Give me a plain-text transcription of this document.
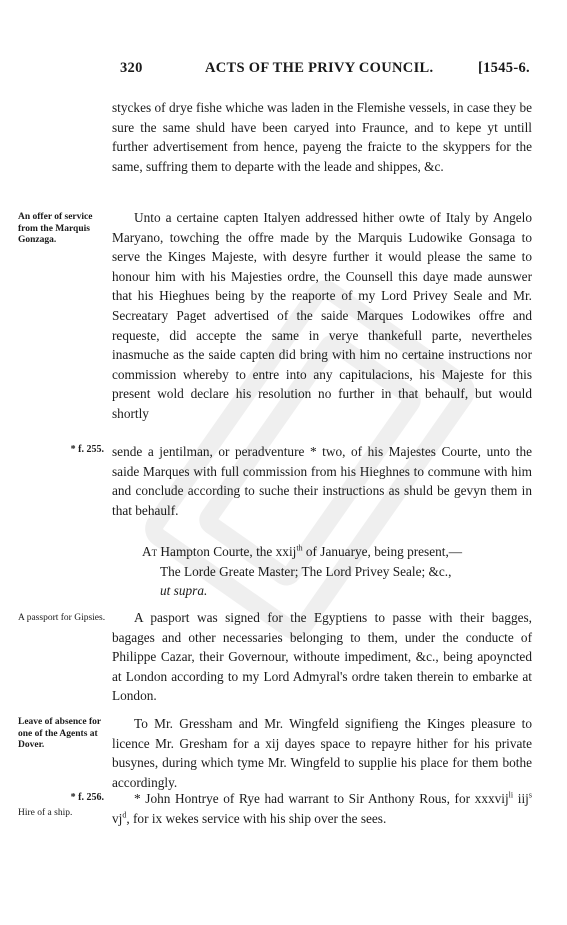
320	ACTS OF THE PRIVY COUNCIL.	[1545-6.

styckes of drye fishe whiche was laden in the Flemishe vessels, in case they be sure the same shuld have been caryed into Fraunce, and to kepe yt untill further advertisement from hence, payeng the fraicte to the skyppers for the same, suffring them to departe with the leade and shippes, &c.

An offer of service from the Marquis Gonzaga.

Unto a certaine capten Italyen addressed hither owte of Italy by Angelo Maryano, towching the offre made by the Marquis Ludowike Gonsaga to serve the Kinges Majeste, with desyre further it would please the same to honour him with his Majesties ordre, the Counsell this daye made aunswer that his Hieghues being by the reaporte of my Lord Privey Seale and Mr. Secreatary Paget advertised of the saide Marques Lodowikes offre and requeste, did accepte the same in verye thankefull parte, nevertheles inasmuche as the saide capten did bring with him no certaine instructions nor commission whereby to entre into any capitulacions, his Majeste for this present wold declare his resolution no further in that behaulf, but would shortly

* f. 255. sende a jentilman, or peradventure * two, of his Majestes Courte, unto the saide Marques with full commission from his Hieghnes to commune with him and conclude according to suche their instructions as shuld be gevyn them in that behaulf.

At Hampton Courte, the xxij$^{th}$ of Januarye, being present,—
The Lorde Greate Master; The Lord Privey Seale; &c.,
ut supra.
A passport for Gipsies.	A pasport was signed for the Egyptiens to passe with their bagges, bagages and other necessaries belonging to them, under the conducte of Philippe Cazar, their Governour, withoute impediment, &c., being apoyncted at London according to my Lord Admyral's ordre taken therein to embarke at London.

Leave of absence for one of the Agents at Dover.

To Mr. Gressham and Mr. Wingfeld signifieng the Kinges pleasure to licence Mr. Gresham for a xij dayes space to repayre hither for his private busynes, during which tyme Mr. Wingfeld to supplie his place for them bothe accordingly.

* f. 256.
Hire of a ship.

* John Hontrye of Rye had warrant to Sir Anthony Rous, for xxxvij$^{li}$ iij$^s$ $vj^d$, for ix wekes service with his ship over the sees.
